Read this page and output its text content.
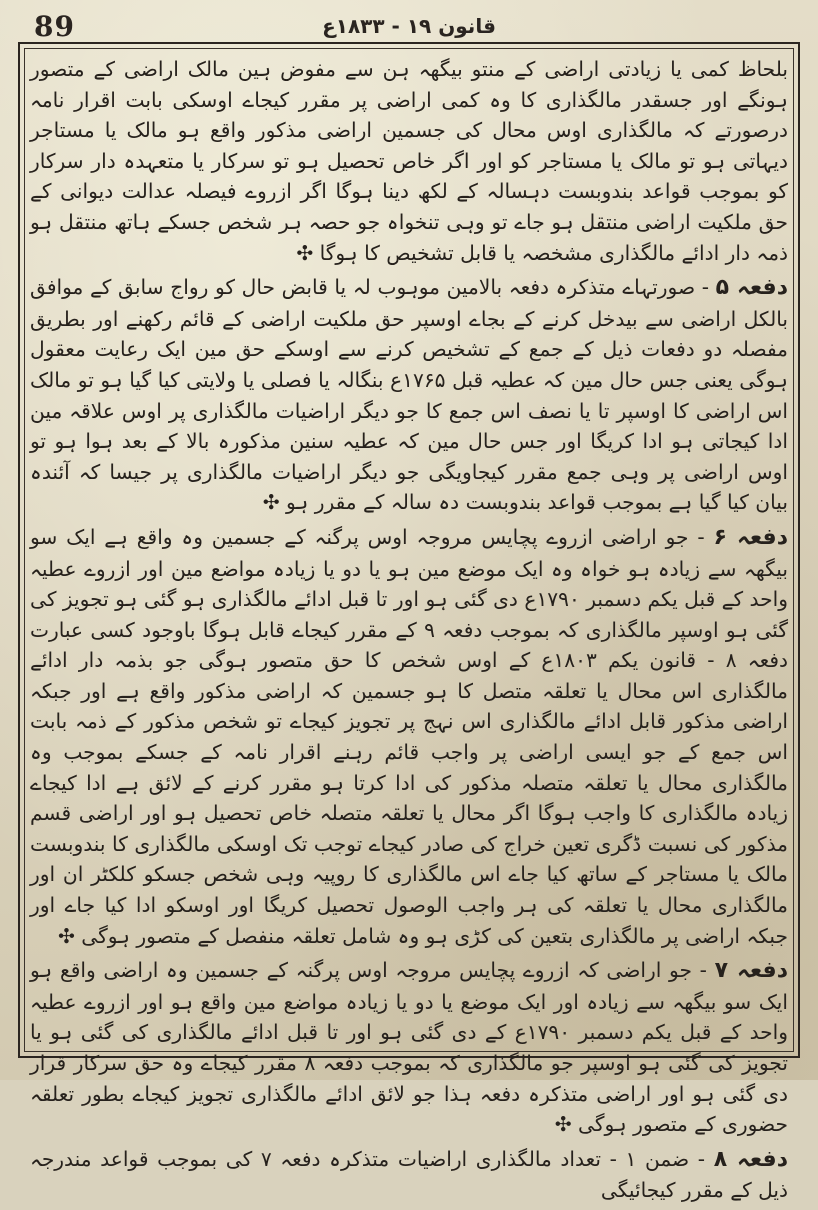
89	قانون ۱۹ - ۱۸۳۳ع

بلحاظ کمی یا زیادتی اراضی کے منتو بیگھہ ہن سے مفوض ہین مالک اراضی کے متصور ہونگے اور جسقدر مالگذاری کا وہ کمی اراضی پر مقرر کیجاے اوسکی بابت اقرار نامہ درصورتے کہ مالگذاری اوس محال کی جسمین اراضی مذکور واقع ہو مالک یا مستاجر دیہاتی ہو تو مالک یا مستاجر کو اور اگر خاص تحصیل ہو تو سرکار یا متعہدہ دار سرکار کو بموجب قواعد بندوبست دہسالہ کے لکھ دینا ہوگا اگر ازروے فیصلہ عدالت دیوانی کے حق ملکیت اراضی منتقل ہو جاے تو وہی تنخواہ جو حصہ ہر شخص جسکے ہاتھ منتقل ہو ذمہ دار ادائے مالگذاری مشخصہ یا قابل تشخیص کا ہوگا ✣

دفعہ ۵ - صورتہاے متذکرہ دفعہ بالامین موہوب لہ یا قابض حال کو رواج سابق کے موافق بالکل اراضی سے بیدخل کرنے کے بجاے اوسپر حق ملکیت اراضی کے قائم رکھنے اور بطریق مفصلہ دو دفعات ذیل کے جمع کے تشخیص کرنے سے اوسکے حق مین ایک رعایت معقول ہوگی یعنی جس حال مین کہ عطیہ قبل ۱۷۶۵ع بنگالہ یا فصلی یا ولایتی کیا گیا ہو تو مالک اس اراضی کا اوسپر تا یا نصف اس جمع کا جو دیگر اراضیات مالگذاری پر اوس علاقہ مین ادا کیجاتی ہو ادا کریگا اور جس حال مین کہ عطیہ سنین مذکورہ بالا کے بعد ہوا ہو تو اوس اراضی پر وہی جمع مقرر کیجاویگی جو دیگر اراضیات مالگذاری پر جیسا کہ آئندہ بیان کیا گیا ہے بموجب قواعد بندوبست دہ سالہ کے مقرر ہو ✣

دفعہ ۶ - جو اراضی ازروے پچایس مروجہ اوس پرگنہ کے جسمین وہ واقع ہے ایک سو بیگھہ سے زیادہ ہو خواہ وہ ایک موضع مین ہو یا دو یا زیادہ مواضع مین اور ازروے عطیہ واحد کے قبل یکم دسمبر ۱۷۹۰ع دی گئی ہو اور تا قبل ادائے مالگذاری ہو گئی ہو تجویز کی گئی ہو اوسپر مالگذاری کہ بموجب دفعہ ۹ کے مقرر کیجاے قابل ہوگا باوجود کسی عبارت دفعہ ۸ - قانون یکم ۱۸۰۳ع کے اوس شخص کا حق متصور ہوگی جو بذمہ دار ادائے مالگذاری اس محال یا تعلقہ متصل کا ہو جسمین کہ اراضی مذکور واقع ہے اور جبکہ اراضی مذکور قابل ادائے مالگذاری اس نہج پر تجویز کیجاے تو شخص مذکور کے ذمہ بابت اس جمع کے جو ایسی اراضی پر واجب قائم رہنے اقرار نامہ کے جسکے بموجب وہ مالگذاری محال یا تعلقہ متصلہ مذکور کی ادا کرتا ہو مقرر کرنے کے لائق ہے ادا کیجاے زیادہ مالگذاری کا واجب ہوگا اگر محال یا تعلقہ متصلہ خاص تحصیل ہو اور اراضی قسم مذکور کی نسبت ڈگری تعین خراج کی صادر کیجاے توجب تک اوسکی مالگذاری کا بندوبست مالک یا مستاجر کے ساتھ کیا جاے اس مالگذاری کا روپیہ وہی شخص جسکو کلکٹر ان اور مالگذاری محال یا تعلقہ کی ہر واجب الوصول تحصیل کریگا اور اوسکو ادا کیا جاے اور جبکہ اراضی پر مالگذاری بتعین کی کڑی ہو وہ شامل تعلقہ منفصل کے متصور ہوگی ✣

دفعہ ۷ - جو اراضی کہ ازروے پچایس مروجہ اوس پرگنہ کے جسمین وہ اراضی واقع ہو ایک سو بیگھہ سے زیادہ اور ایک موضع یا دو یا زیادہ مواضع مین واقع ہو اور ازروے عطیہ واحد کے قبل یکم دسمبر ۱۷۹۰ع کے دی گئی ہو اور تا قبل ادائے مالگذاری کی گئی ہو یا تجویز کی گئی ہو اوسپر جو مالگذاری کہ بموجب دفعہ ۸ مقرر کیجاے وہ حق سرکار قرار دی گئی ہو اور اراضی متذکرہ دفعہ ہذا جو لائق ادائے مالگذاری تجویز کیجاے بطور تعلقہ حضوری کے متصور ہوگی ✣

دفعہ ۸ - ضمن ۱ - تعداد مالگذاری اراضیات متذکرہ دفعہ ۷ کی بموجب قواعد مندرجہ ذیل کے مقرر کیجائیگی
